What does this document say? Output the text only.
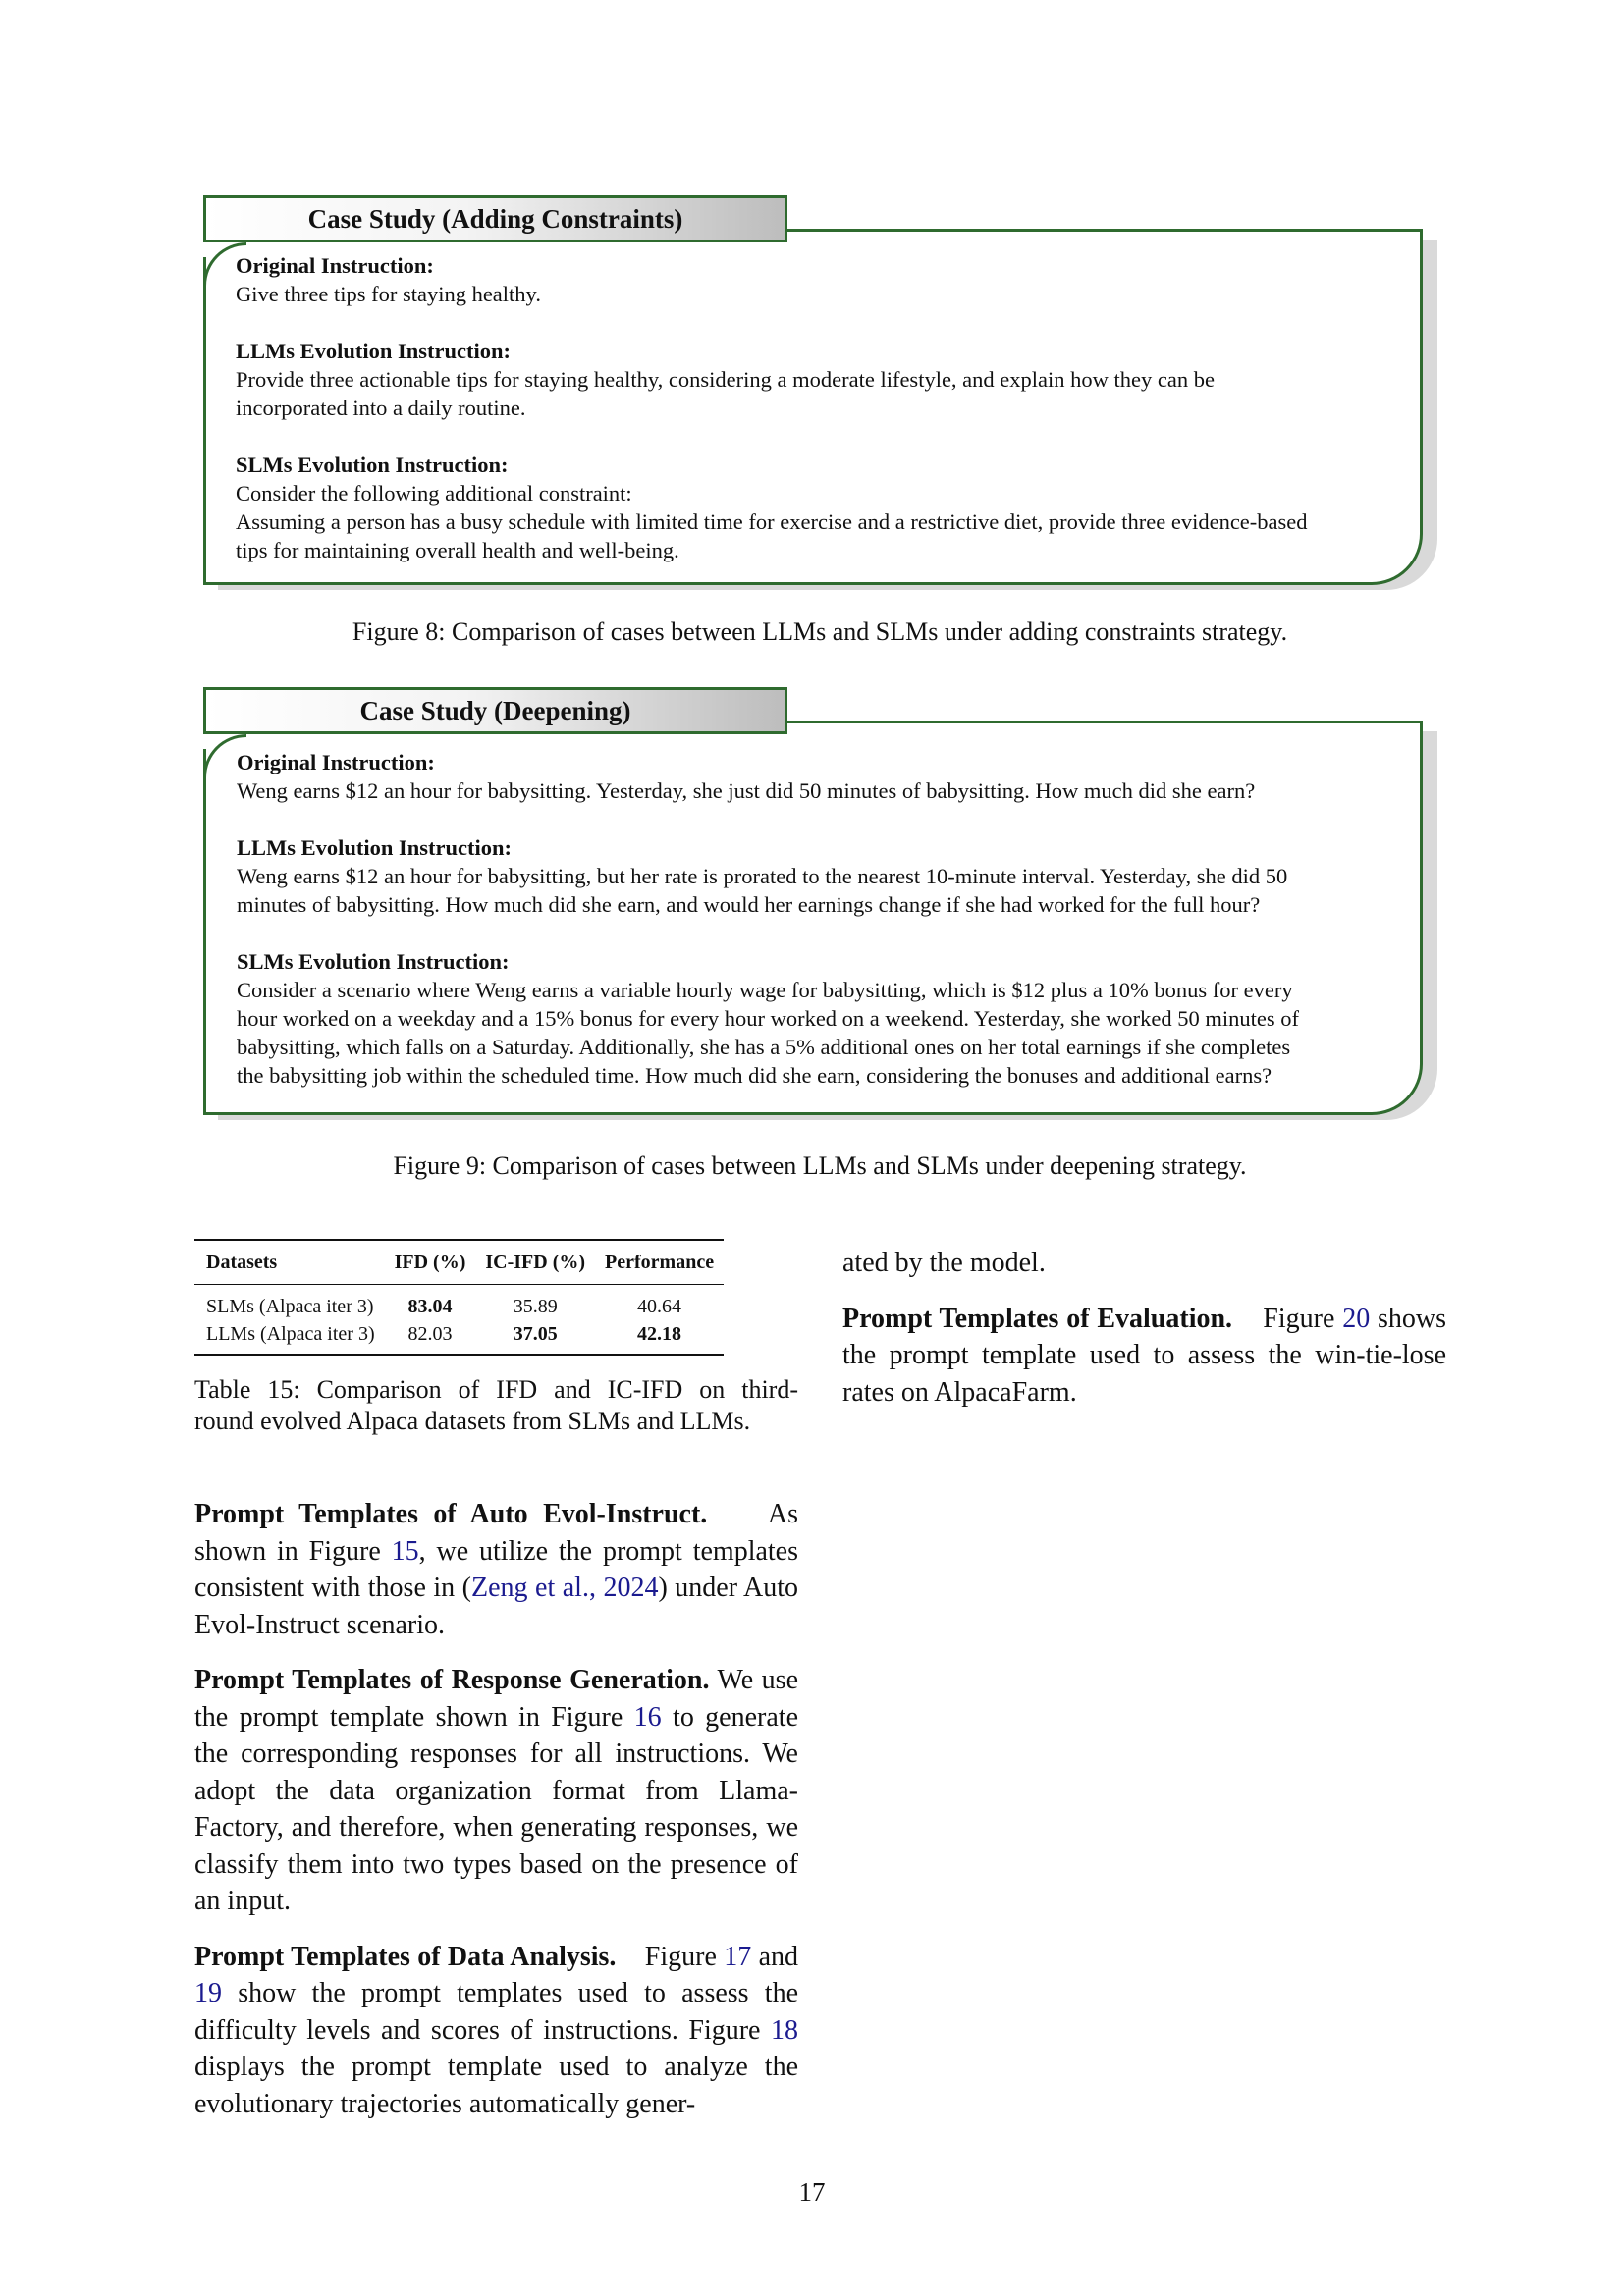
Case Study (Adding Constraints)

Original Instruction:

Give three tips for staying healthy.

LLMs Evolution Instruction:

Provide three actionable tips for staying healthy, considering a moderate lifestyle, and explain how they can be

incorporated into a daily routine.

SLMs Evolution Instruction:

Consider the following additional constraint:

Assuming a person has a busy schedule with limited time for exercise and a restrictive diet, provide three evidence-based

tips for maintaining overall health and well-being.

Figure 8: Comparison of cases between LLMs and SLMs under adding constraints strategy.
Case Study (Deepening)

Original Instruction:

Weng earns $12 an hour for babysitting. Yesterday, she just did 50 minutes of babysitting. How much did she earn?

LLMs Evolution Instruction:

Weng earns $12 an hour for babysitting, but her rate is prorated to the nearest 10-minute interval. Yesterday, she did 50

minutes of babysitting. How much did she earn, and would her earnings change if she had worked for the full hour?

SLMs Evolution Instruction:

Consider a scenario where Weng earns a variable hourly wage for babysitting, which is $12 plus a 10% bonus for every

hour worked on a weekday and a 15% bonus for every hour worked on a weekend. Yesterday, she worked 50 minutes of

babysitting, which falls on a Saturday. Additionally, she has a 5% additional ones on her total earnings if she completes

the babysitting job within the scheduled time. How much did she earn, considering the bonuses and additional earns?

Figure 9: Comparison of cases between LLMs and SLMs under deepening strategy.
Datasets	IFD (%)	IC-IFD (%)	Performance
SLMs (Alpaca iter 3)	83.04	35.89	40.64
LLMs (Alpaca iter 3)	82.03	37.05	42.18
Table 15: Comparison of IFD and IC-IFD on third-
round evolved Alpaca datasets from SLMs and LLMs.

Prompt Templates of Auto Evol-Instruct. As shown in Figure 15, we utilize the prompt templates consistent with those in (Zeng et al., 2024) under Auto Evol-Instruct scenario.

Prompt Templates of Response Generation. We use the prompt template shown in Figure 16 to generate the corresponding responses for all instructions. We adopt the data organization format from Llama-Factory, and therefore, when generating responses, we classify them into two types based on the presence of an input.

Prompt Templates of Data Analysis. Figure 17 and 19 show the prompt templates used to assess the difficulty levels and scores of instructions. Figure 18 displays the prompt template used to analyze the evolutionary trajectories automatically gener-

ated by the model.

Prompt Templates of Evaluation. Figure 20 shows the prompt template used to assess the win-tie-lose rates on AlpacaFarm.

17
